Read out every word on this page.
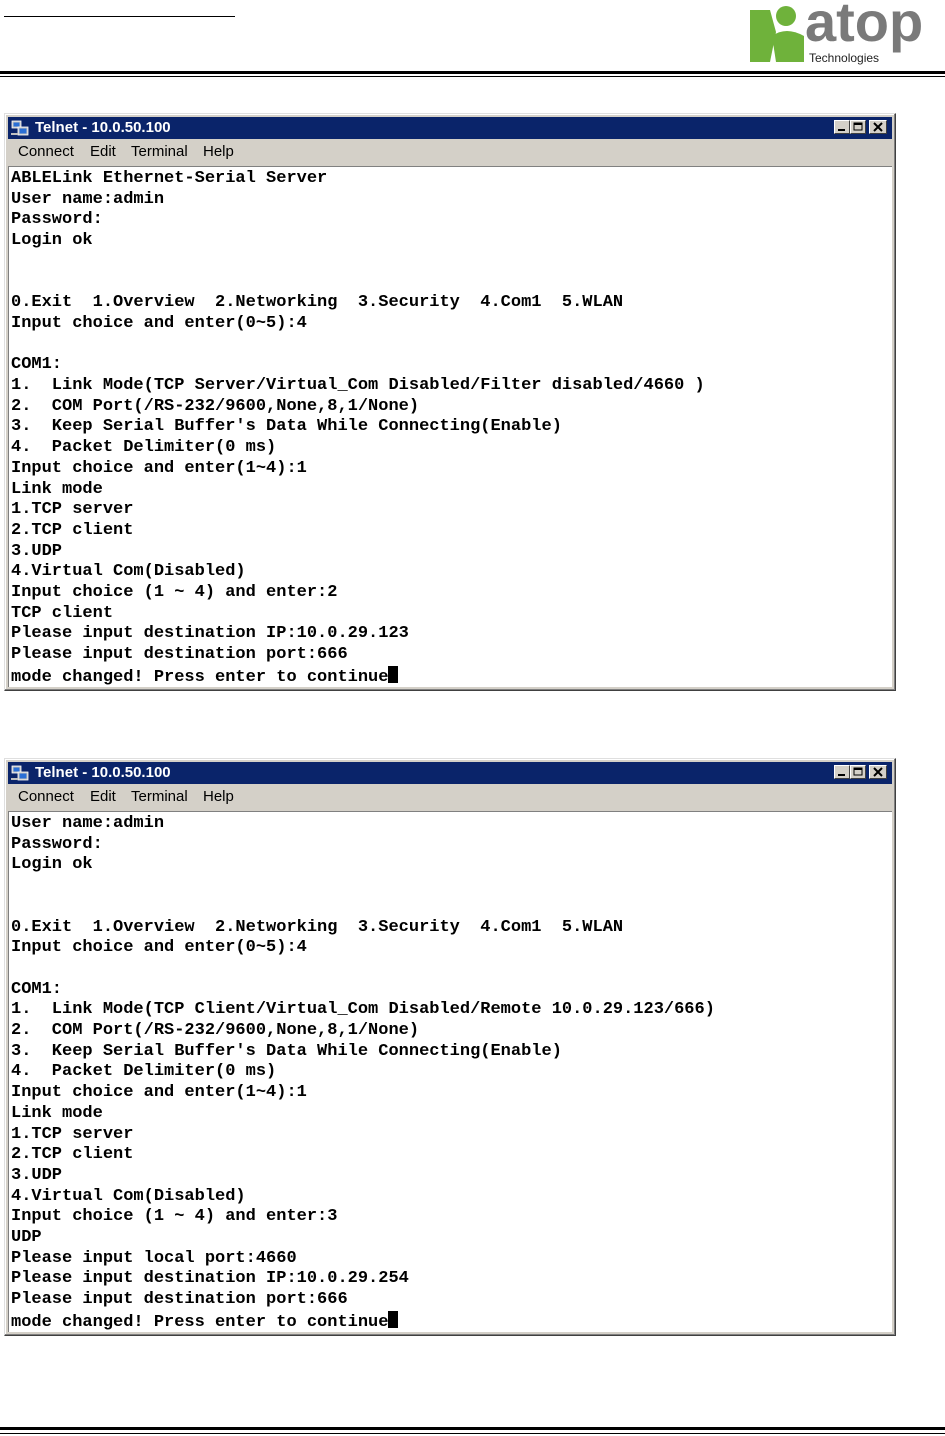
atop
Technologies
Telnet - 10.0.50.100
Connect Edit Terminal Help
ABLELink Ethernet-Serial Server
User name:admin
Password:
Login ok

0.Exit  1.Overview  2.Networking  3.Security  4.Com1  5.WLAN
Input choice and enter(0~5):4

COM1:
1.  Link Mode(TCP Server/Virtual_Com Disabled/Filter disabled/4660 )
2.  COM Port(/RS-232/9600,None,8,1/None)
3.  Keep Serial Buffer's Data While Connecting(Enable)
4.  Packet Delimiter(0 ms)
Input choice and enter(1~4):1
Link mode
1.TCP server
2.TCP client
3.UDP
4.Virtual Com(Disabled)
Input choice (1 ~ 4) and enter:2
TCP client
Please input destination IP:10.0.29.123
Please input destination port:666
mode changed! Press enter to continue
Telnet - 10.0.50.100
Connect Edit Terminal Help
User name:admin
Password:
Login ok

0.Exit  1.Overview  2.Networking  3.Security  4.Com1  5.WLAN
Input choice and enter(0~5):4

COM1:
1.  Link Mode(TCP Client/Virtual_Com Disabled/Remote 10.0.29.123/666)
2.  COM Port(/RS-232/9600,None,8,1/None)
3.  Keep Serial Buffer's Data While Connecting(Enable)
4.  Packet Delimiter(0 ms)
Input choice and enter(1~4):1
Link mode
1.TCP server
2.TCP client
3.UDP
4.Virtual Com(Disabled)
Input choice (1 ~ 4) and enter:3
UDP
Please input local port:4660
Please input destination IP:10.0.29.254
Please input destination port:666
mode changed! Press enter to continue
